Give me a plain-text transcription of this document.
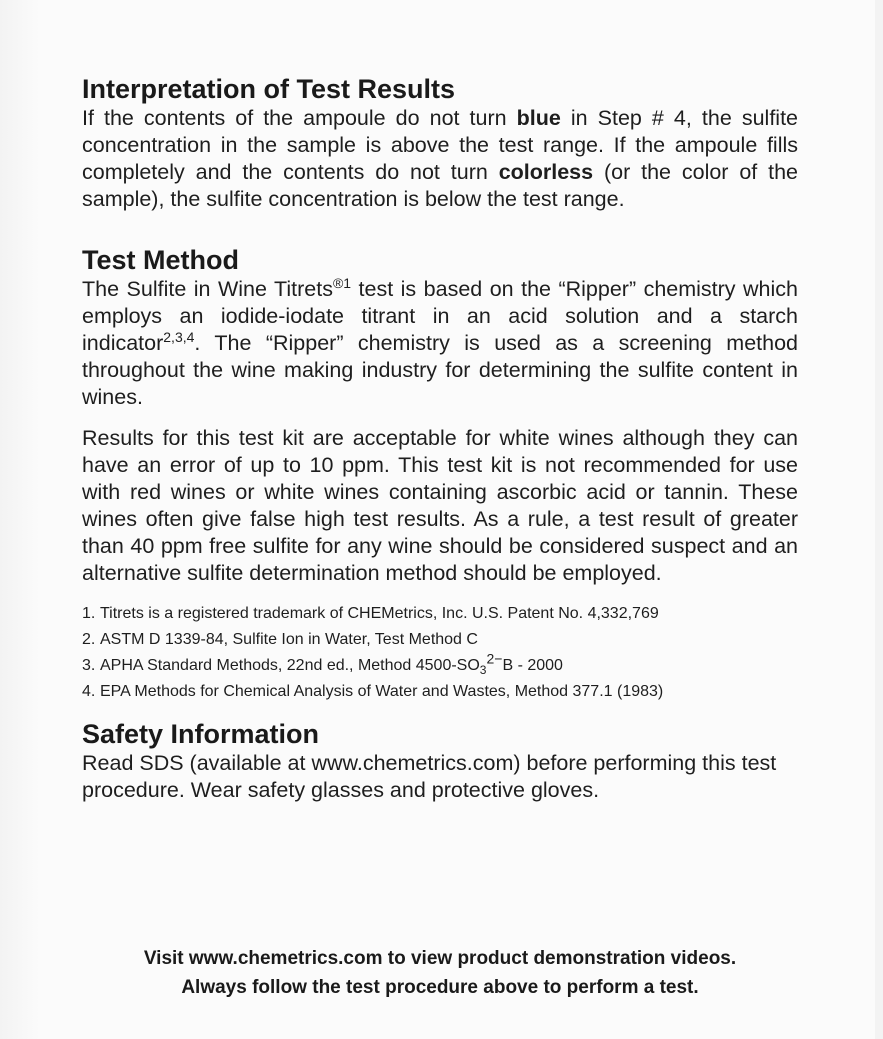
Interpretation of Test Results

If the contents of the ampoule do not turn blue in Step # 4, the sulfite concentration in the sample is above the test range. If the ampoule fills completely and the contents do not turn colorless (or the color of the sample), the sulfite concentration is below the test range.

Test Method

The Sulfite in Wine Titrets$^{®1}$ test is based on the “Ripper” chemistry which employs an iodide-iodate titrant in an acid solution and a starch indicator$^{2,3,4}$. The “Ripper” chemistry is used as a screening method throughout the wine making industry for determining the sulfite content in wines.

Results for this test kit are acceptable for white wines although they can have an error of up to 10 ppm. This test kit is not recommended for use with red wines or white wines containing ascorbic acid or tannin. These wines often give false high test results. As a rule, a test result of greater than 40 ppm free sulfite for any wine should be considered suspect and an alternative sulfite determination method should be employed.

1. Titrets is a registered trademark of CHEMetrics, Inc. U.S. Patent No. 4,332,769
2. ASTM D 1339-84, Sulfite Ion in Water, Test Method C
3. APHA Standard Methods, 22nd ed., Method $4500-SO_3^{2-}B - 2000$
4. EPA Methods for Chemical Analysis of Water and Wastes, Method 377.1 (1983)
Safety Information

Read SDS (available at www.chemetrics.com) before performing this test procedure. Wear safety glasses and protective gloves.

Visit www.chemetrics.com to view product demonstration videos.
Always follow the test procedure above to perform a test.
